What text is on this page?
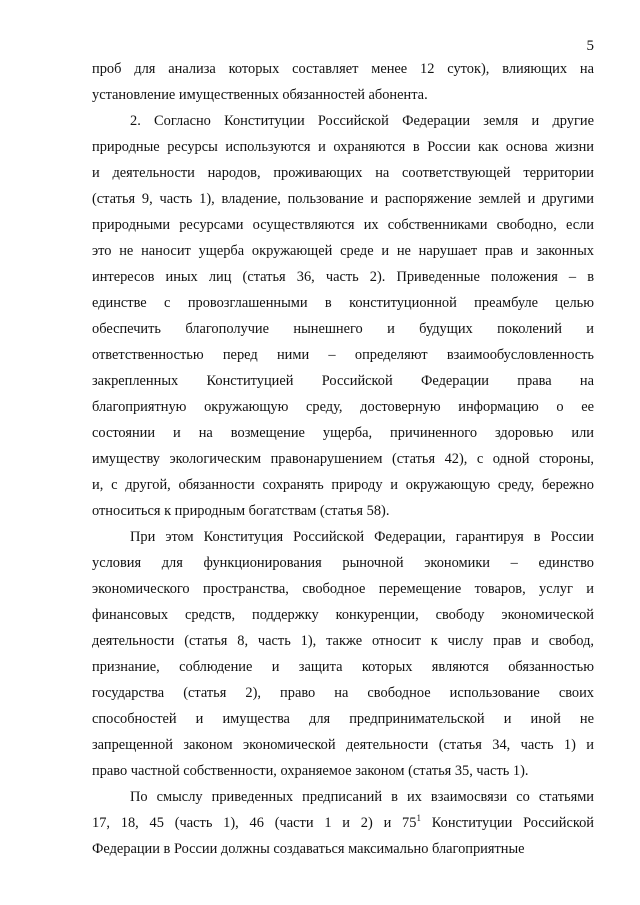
5
проб для анализа которых составляет менее 12 суток), влияющих на
установление имущественных обязанностей абонента.
2. Согласно Конституции Российской Федерации земля и другие
природные ресурсы используются и охраняются в России как основа жизни
и деятельности народов, проживающих на соответствующей территории
(статья 9, часть 1), владение, пользование и распоряжение землей и другими
природными ресурсами осуществляются их собственниками свободно, если
это не наносит ущерба окружающей среде и не нарушает прав и законных
интересов иных лиц (статья 36, часть 2). Приведенные положения – в
единстве с провозглашенными в конституционной преамбуле целью
обеспечить благополучие нынешнего и будущих поколений и
ответственностью перед ними – определяют взаимообусловленность
закрепленных Конституцией Российской Федерации права на
благоприятную окружающую среду, достоверную информацию о ее
состоянии и на возмещение ущерба, причиненного здоровью или
имуществу экологическим правонарушением (статья 42), с одной стороны,
и, с другой, обязанности сохранять природу и окружающую среду, бережно
относиться к природным богатствам (статья 58).
При этом Конституция Российской Федерации, гарантируя в России
условия для функционирования рыночной экономики – единство
экономического пространства, свободное перемещение товаров, услуг и
финансовых средств, поддержку конкуренции, свободу экономической
деятельности (статья 8, часть 1), также относит к числу прав и свобод,
признание, соблюдение и защита которых являются обязанностью
государства (статья 2), право на свободное использование своих
способностей и имущества для предпринимательской и иной не
запрещенной законом экономической деятельности (статья 34, часть 1) и
право частной собственности, охраняемое законом (статья 35, часть 1).
По смыслу приведенных предписаний в их взаимосвязи со статьями
17, 18, 45 (часть 1), 46 (части 1 и 2) и $75^1$ Конституции Российской
Федерации в России должны создаваться максимально благоприятные
